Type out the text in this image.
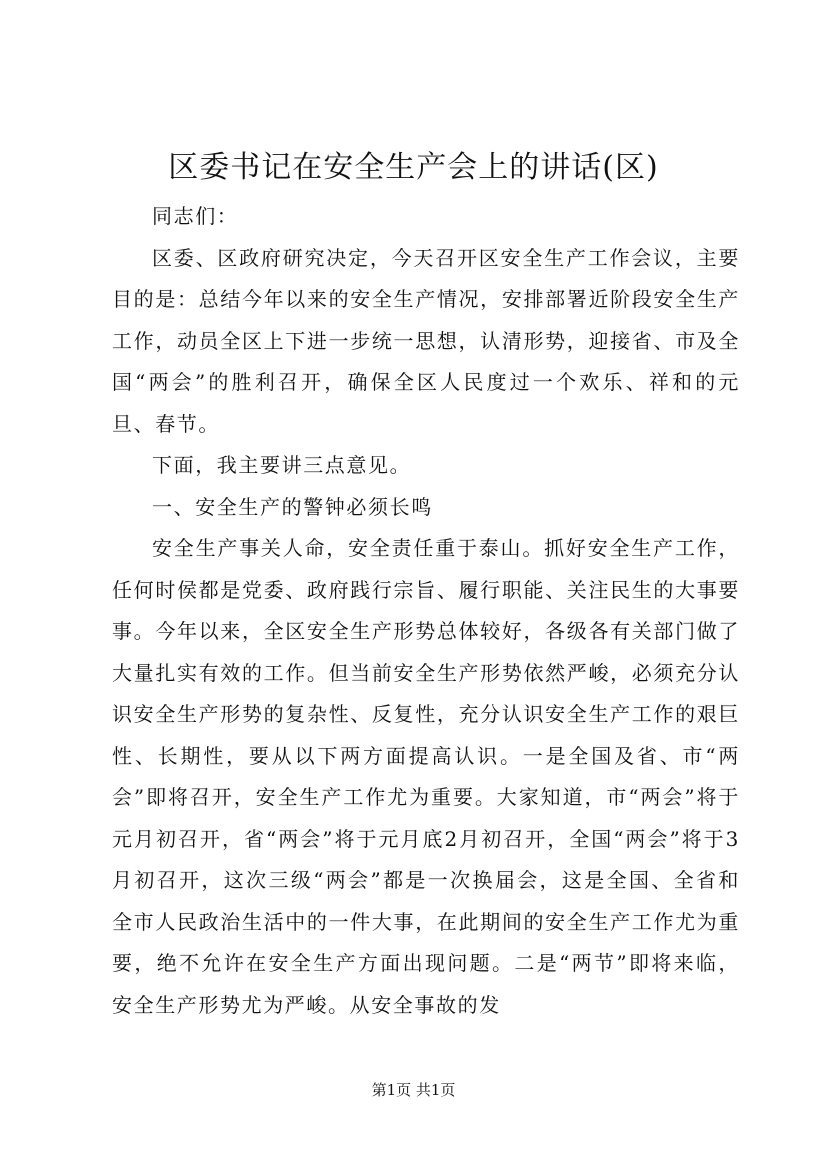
区委书记在安全生产会上的讲话(区)

同志们：

区委、区政府研究决定，今天召开区安全生产工作会议，主要目的是：总结今年以来的安全生产情况，安排部署近阶段安全生产工作，动员全区上下进一步统一思想，认清形势，迎接省、市及全国“两会”的胜利召开，确保全区人民度过一个欢乐、祥和的元旦、春节。

下面，我主要讲三点意见。

一、安全生产的警钟必须长鸣

安全生产事关人命，安全责任重于泰山。抓好安全生产工作，任何时侯都是党委、政府践行宗旨、履行职能、关注民生的大事要事。今年以来，全区安全生产形势总体较好，各级各有关部门做了大量扎实有效的工作。但当前安全生产形势依然严峻，必须充分认识安全生产形势的复杂性、反复性，充分认识安全生产工作的艰巨性、长期性，要从以下两方面提高认识。一是全国及省、市“两会”即将召开，安全生产工作尤为重要。大家知道，市“两会”将于元月初召开，省“两会”将于元月底2月初召开，全国“两会”将于3月初召开，这次三级“两会”都是一次换届会，这是全国、全省和全市人民政治生活中的一件大事，在此期间的安全生产工作尤为重要，绝不允许在安全生产方面出现问题。二是“两节”即将来临，安全生产形势尤为严峻。从安全事故的发

第1页 共1页
